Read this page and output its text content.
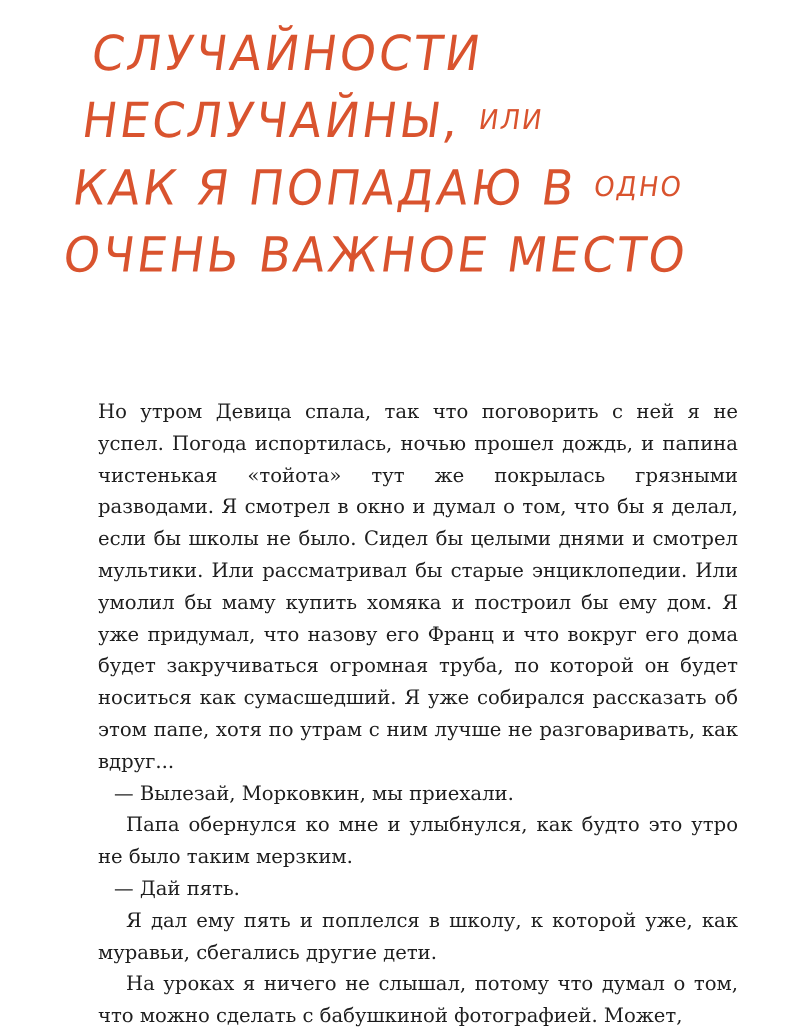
СЛУЧАЙНОСТИ
НЕСЛУЧАЙНЫ, ИЛИ
КАК Я ПОПАДАЮ В ОДНО
ОЧЕНЬ ВАЖНОЕ МЕСТО

Но утром Девица спала, так что поговорить с ней я не успел. Погода испортилась, ночью прошел дождь, и папина чистенькая «тойота» тут же покрылась грязными разводами. Я смотрел в окно и думал о том, что бы я делал, если бы школы не было. Сидел бы целыми днями и смотрел мультики. Или рассматривал бы старые энциклопедии. Или умолил бы маму купить хомяка и построил бы ему дом. Я уже придумал, что назову его Франц и что вокруг его дома будет закручиваться огромная труба, по которой он будет носиться как сумасшедший. Я уже собирался рассказать об этом папе, хотя по утрам с ним лучше не разговаривать, как вдруг...

— Вылезай, Морковкин, мы приехали.

Папа обернулся ко мне и улыбнулся, как будто это утро не было таким мерзким.

— Дай пять.

Я дал ему пять и поплелся в школу, к которой уже, как муравьи, сбегались другие дети.

На уроках я ничего не слышал, потому что думал о том, что можно сделать с бабушкиной фотографией. Может,
